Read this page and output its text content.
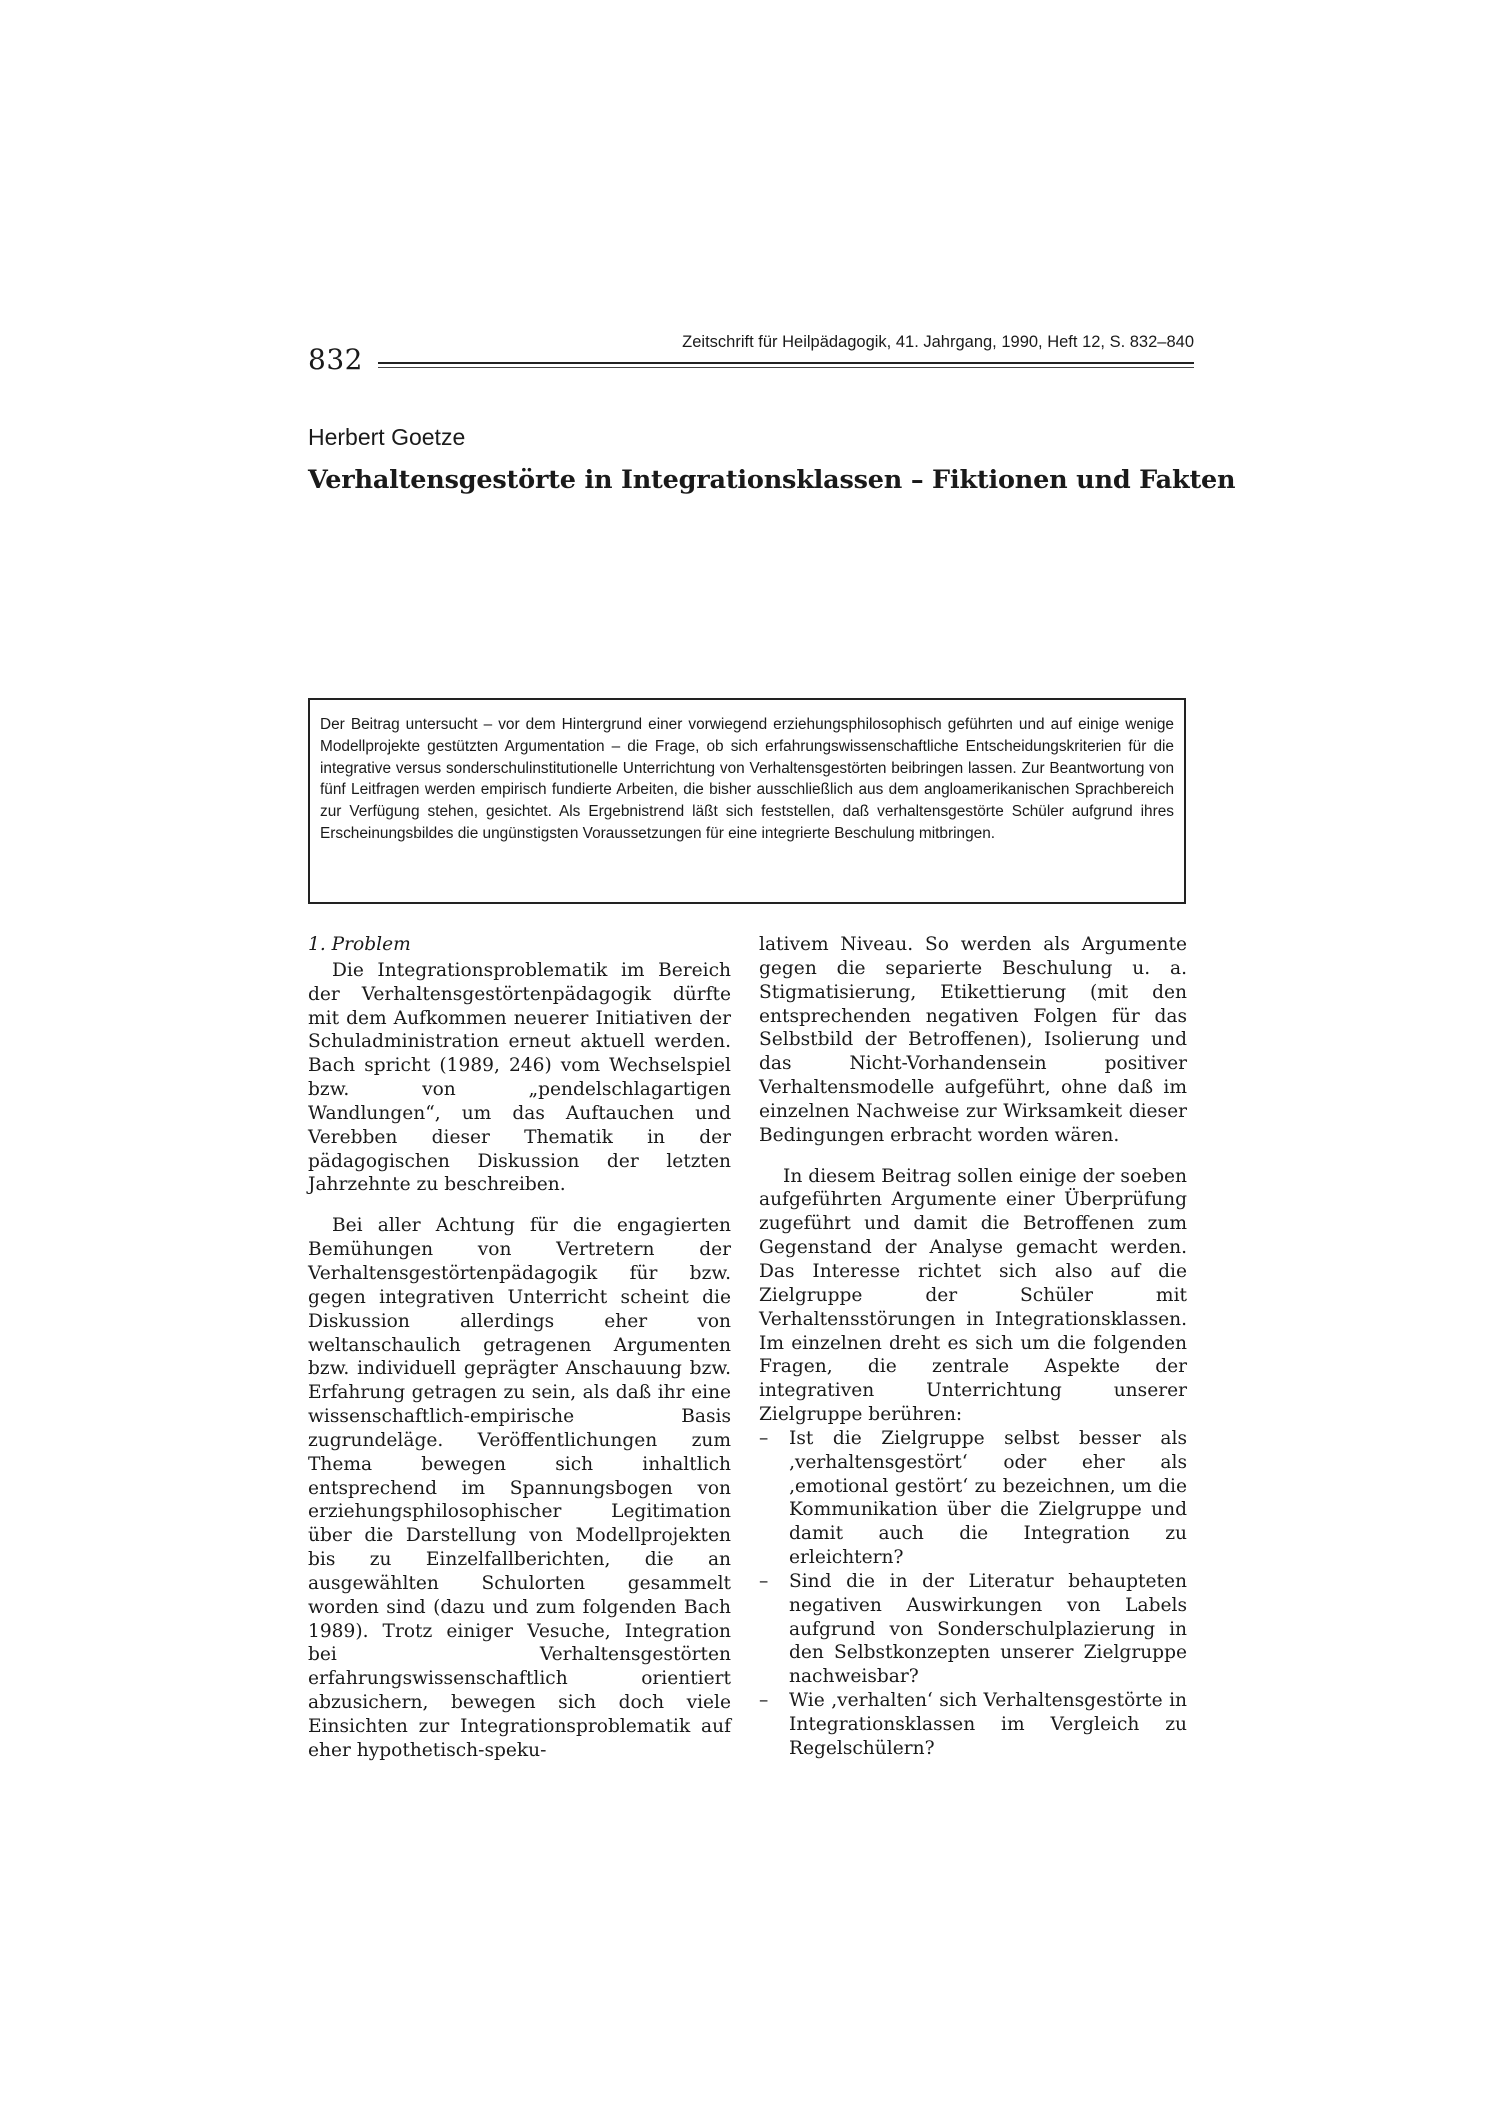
832
Zeitschrift für Heilpädagogik, 41. Jahrgang, 1990, Heft 12, S. 832–840
Herbert Goetze
Verhaltensgestörte in Integrationsklassen – Fiktionen und Fakten
Der Beitrag untersucht – vor dem Hintergrund einer vorwiegend erziehungsphilosophisch geführten und auf einige wenige Modellprojekte gestützten Argumentation – die Frage, ob sich erfahrungswissenschaftliche Entscheidungskriterien für die integrative versus sonderschulinstitutionelle Unterrichtung von Verhaltensgestörten beibringen lassen. Zur Beantwortung von fünf Leitfragen werden empirisch fundierte Arbeiten, die bisher ausschließlich aus dem angloamerikanischen Sprachbereich zur Verfügung stehen, gesichtet. Als Ergebnistrend läßt sich feststellen, daß verhaltensgestörte Schüler aufgrund ihres Erscheinungsbildes die ungünstigsten Voraussetzungen für eine integrierte Beschulung mitbringen.

1. Problem

Die Integrationsproblematik im Bereich der Verhaltensgestörtenpädagogik dürfte mit dem Aufkommen neuerer Initiativen der Schuladministration erneut aktuell werden. Bach spricht (1989, 246) vom Wechselspiel bzw. von „pendelschlagartigen Wandlungen“, um das Auftauchen und Verebben dieser Thematik in der pädagogischen Diskussion der letzten Jahrzehnte zu beschreiben.

Bei aller Achtung für die engagierten Bemühungen von Vertretern der Verhaltensgestörtenpädagogik für bzw. gegen integrativen Unterricht scheint die Diskussion allerdings eher von weltanschaulich getragenen Argumenten bzw. individuell geprägter Anschauung bzw. Erfahrung getragen zu sein, als daß ihr eine wissenschaftlich-empirische Basis zugrundeläge. Veröffentlichungen zum Thema bewegen sich inhaltlich entsprechend im Spannungsbogen von erziehungsphilosophischer Legitimation über die Darstellung von Modellprojekten bis zu Einzelfallberichten, die an ausgewählten Schulorten gesammelt worden sind (dazu und zum folgenden Bach 1989). Trotz einiger Vesuche, Integration bei Verhaltensgestörten erfahrungswissenschaftlich orientiert abzusichern, bewegen sich doch viele Einsichten zur Integrationsproblematik auf eher hypothetisch-speku-

lativem Niveau. So werden als Argumente gegen die separierte Beschulung u. a. Stigmatisierung, Etikettierung (mit den entsprechenden negativen Folgen für das Selbstbild der Betroffenen), Isolierung und das Nicht-Vorhandensein positiver Verhaltensmodelle aufgeführt, ohne daß im einzelnen Nachweise zur Wirksamkeit dieser Bedingungen erbracht worden wären.

In diesem Beitrag sollen einige der soeben aufgeführten Argumente einer Überprüfung zugeführt und damit die Betroffenen zum Gegenstand der Analyse gemacht werden. Das Interesse richtet sich also auf die Zielgruppe der Schüler mit Verhaltensstörungen in Integrationsklassen. Im einzelnen dreht es sich um die folgenden Fragen, die zentrale Aspekte der integrativen Unterrichtung unserer Zielgruppe berühren:

– Ist die Zielgruppe selbst besser als ‚verhaltensgestört‘ oder eher als ‚emotional gestört‘ zu bezeichnen, um die Kommunikation über die Zielgruppe und damit auch die Integration zu erleichtern?
– Sind die in der Literatur behaupteten negativen Auswirkungen von Labels aufgrund von Sonderschulplazierung in den Selbstkonzepten unserer Zielgruppe nachweisbar?
– Wie ‚verhalten‘ sich Verhaltensgestörte in Integrationsklassen im Vergleich zu Regelschülern?
